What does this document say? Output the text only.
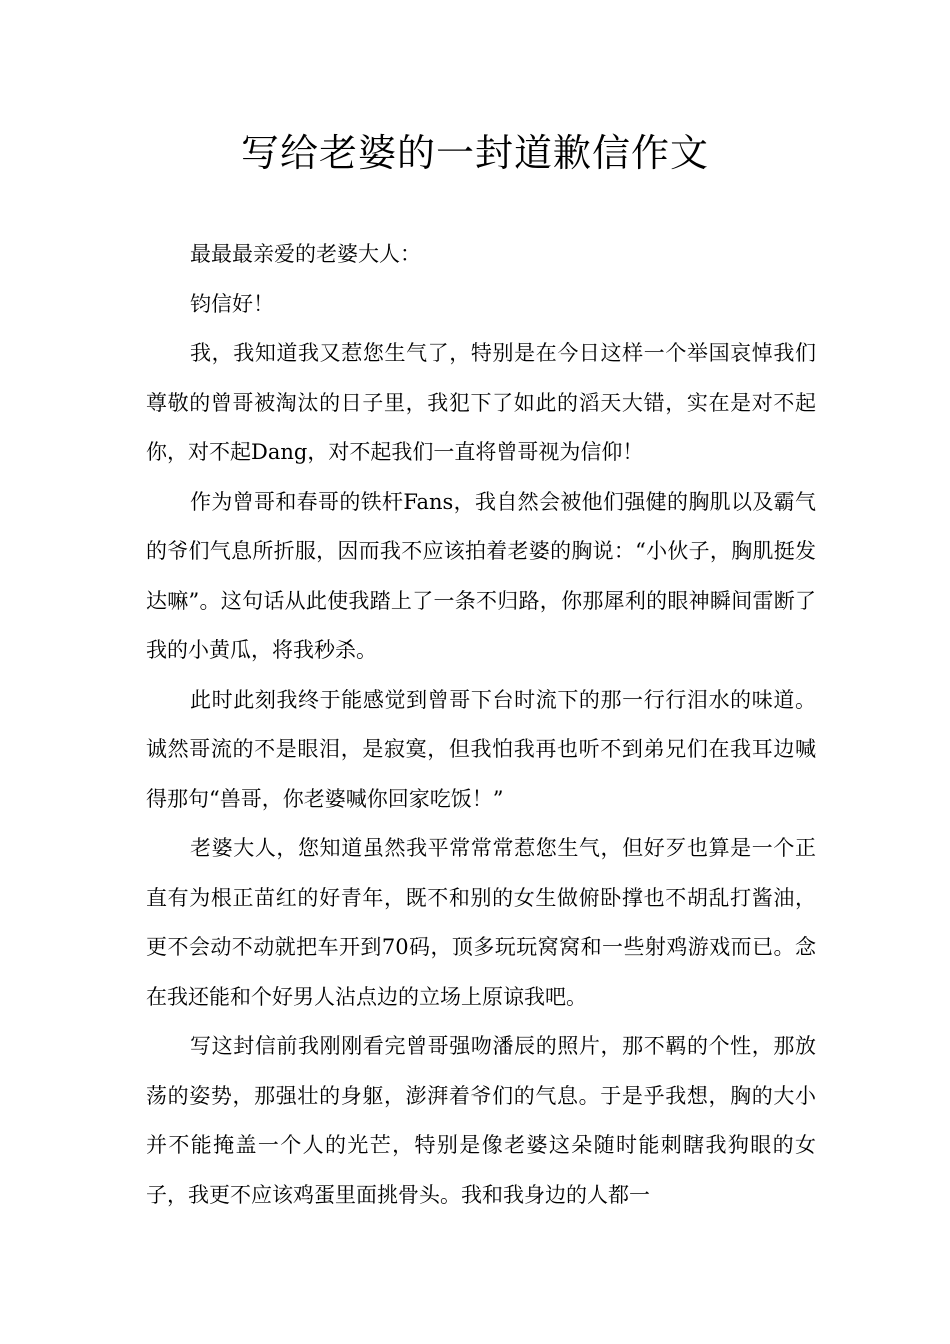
写给老婆的一封道歉信作文

最最最亲爱的老婆大人：

钧信好！

我，我知道我又惹您生气了，特别是在今日这样一个举国哀悼我们尊敬的曾哥被淘汰的日子里，我犯下了如此的滔天大错，实在是对不起你，对不起Dang，对不起我们一直将曾哥视为信仰！

作为曾哥和春哥的铁杆Fans，我自然会被他们强健的胸肌以及霸气的爷们气息所折服，因而我不应该拍着老婆的胸说：“小伙子，胸肌挺发达嘛”。这句话从此使我踏上了一条不归路，你那犀利的眼神瞬间雷断了我的小黄瓜，将我秒杀。

此时此刻我终于能感觉到曾哥下台时流下的那一行行泪水的味道。诚然哥流的不是眼泪，是寂寞，但我怕我再也听不到弟兄们在我耳边喊得那句“兽哥，你老婆喊你回家吃饭！”

老婆大人，您知道虽然我平常常常惹您生气，但好歹也算是一个正直有为根正苗红的好青年，既不和别的女生做俯卧撑也不胡乱打酱油，更不会动不动就把车开到70码，顶多玩玩窝窝和一些射鸡游戏而已。念在我还能和个好男人沾点边的立场上原谅我吧。

写这封信前我刚刚看完曾哥强吻潘辰的照片，那不羁的个性，那放荡的姿势，那强壮的身躯，澎湃着爷们的气息。于是乎我想，胸的大小并不能掩盖一个人的光芒，特别是像老婆这朵随时能刺瞎我狗眼的女子，我更不应该鸡蛋里面挑骨头。我和我身边的人都一
